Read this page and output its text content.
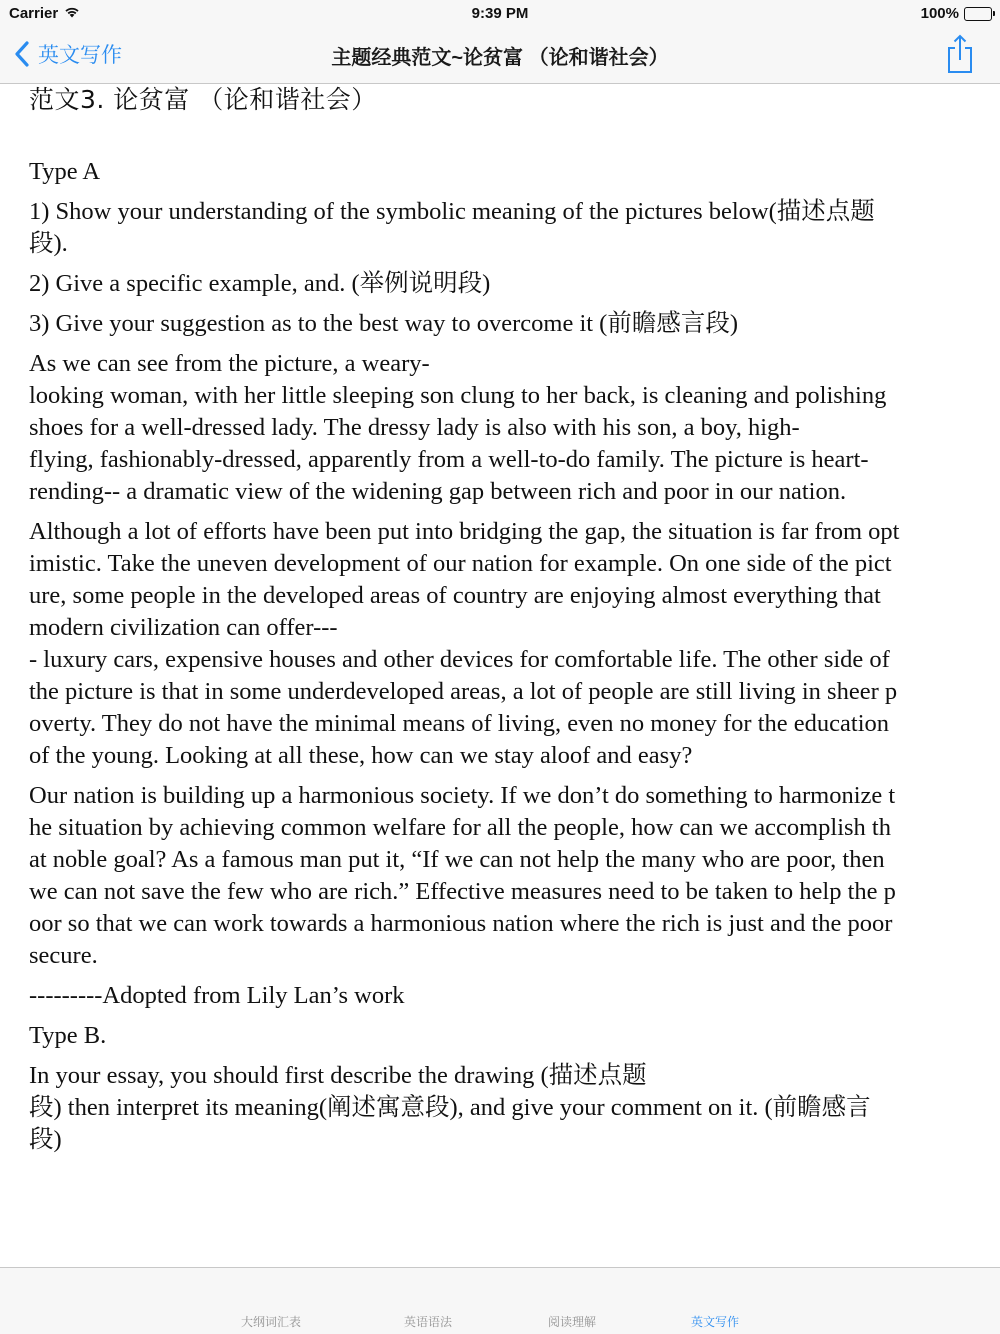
Carrier	9:39 PM	100%
英文写作	主题经典范文~论贫富 （论和谐社会）
范文3. 论贫富 （论和谐社会）
Type A
1) Show your understanding of the symbolic meaning of the pictures below(描述点题
段).
2) Give a specific example, and. (举例说明段)
3) Give your suggestion as to the best way to overcome it (前瞻感言段)
As we can see from the picture, a weary-
looking woman, with her little sleeping son clung to her back, is cleaning and polishing
shoes for a well-dressed lady. The dressy lady is also with his son, a boy, high-
flying, fashionably-dressed, apparently from a well-to-do family. The picture is heart-
rending-- a dramatic view of the widening gap between rich and poor in our nation.
Although a lot of efforts have been put into bridging the gap, the situation is far from opt
imistic. Take the uneven development of our nation for example. On one side of the pict
ure, some people in the developed areas of country are enjoying almost everything that
modern civilization can offer---
- luxury cars, expensive houses and other devices for comfortable life. The other side of
the picture is that in some underdeveloped areas, a lot of people are still living in sheer p
overty. They do not have the minimal means of living, even no money for the education
of the young. Looking at all these, how can we stay aloof and easy?
Our nation is building up a harmonious society. If we don’t do something to harmonize t
he situation by achieving common welfare for all the people, how can we accomplish th
at noble goal? As a famous man put it, “If we can not help the many who are poor, then
we can not save the few who are rich.” Effective measures need to be taken to help the p
oor so that we can work towards a harmonious nation where the rich is just and the poor
secure.
---------Adopted from Lily Lan’s work
Type B.
In your essay, you should first describe the drawing (描述点题
段) then interpret its meaning(阐述寓意段), and give your comment on it. (前瞻感言
段)
大纲词汇表	英语语法	阅读理解	英文写作
